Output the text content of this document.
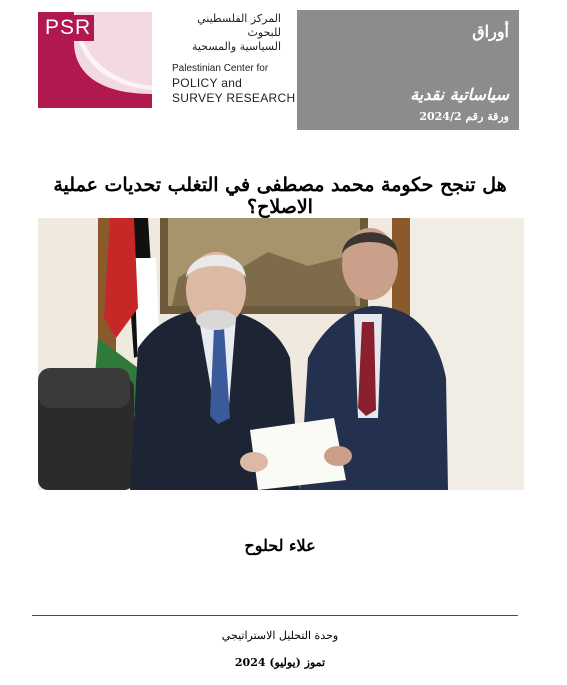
PSR	المركز الفلسطيني
للبحوث
السياسية والمسحية
Palestinian Center for
POLICY and
SURVEY RESEARCH
أوراق
سياساتية نقدية
ورقة رقم 2024/2
هل تنجح حكومة محمد مصطفى في التغلب تحديات عملية الاصلاح؟
علاء لحلوح
وحدة التحليل الاستراتيجي
تموز (يوليو) 2024
